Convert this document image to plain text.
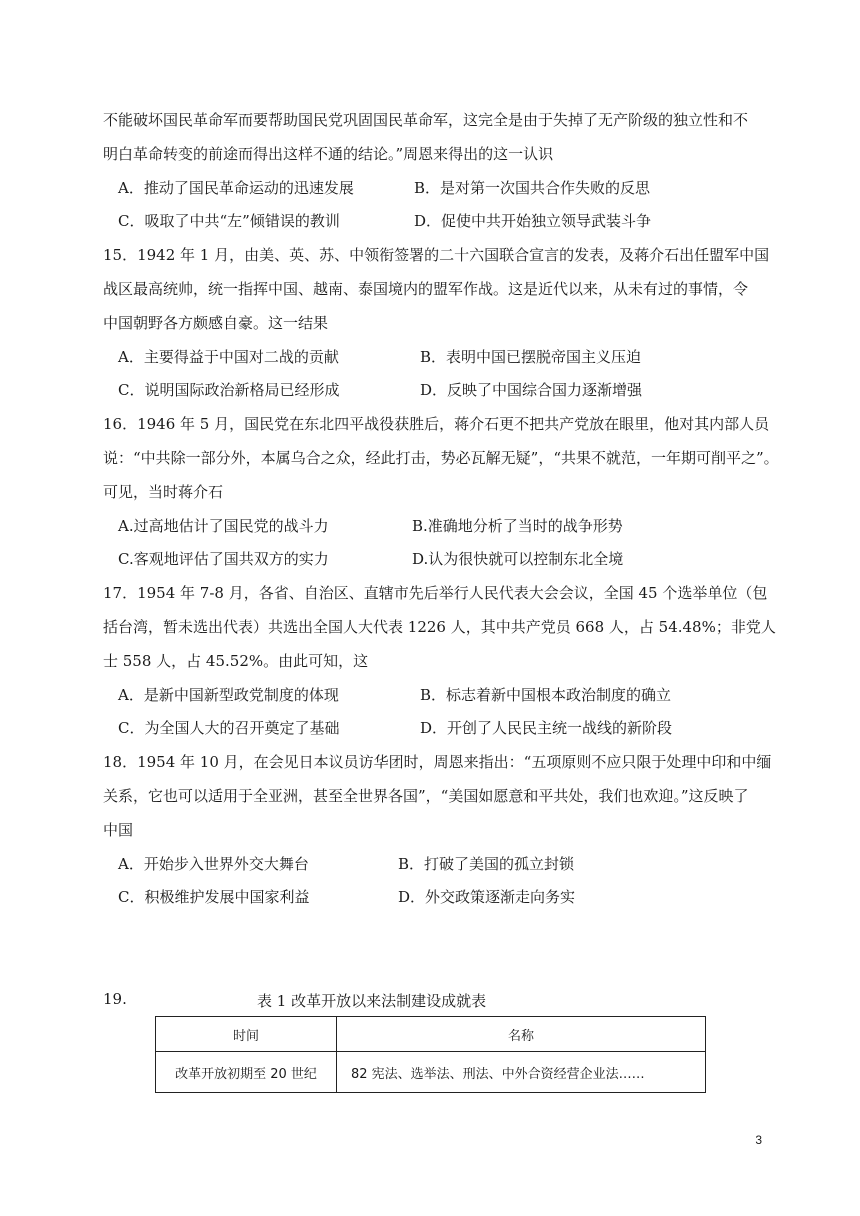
不能破坏国民革命军而要帮助国民党巩固国民革命军，这完全是由于失掉了无产阶级的独立性和不
明白革命转变的前途而得出这样不通的结论。”周恩来得出的这一认识
A．推动了国民革命运动的迅速发展	B．是对第一次国共合作失败的反思
C．吸取了中共“左”倾错误的教训	D．促使中共开始独立领导武装斗争
15．1942 年 1 月，由美、英、苏、中领衔签署的二十六国联合宣言的发表，及蒋介石出任盟军中国
战区最高统帅，统一指挥中国、越南、泰国境内的盟军作战。这是近代以来，从未有过的事情，令
中国朝野各方颇感自豪。这一结果
A．主要得益于中国对二战的贡献	B．表明中国已摆脱帝国主义压迫
C．说明国际政治新格局已经形成	D．反映了中国综合国力逐渐增强
16．1946 年 5 月，国民党在东北四平战役获胜后，蒋介石更不把共产党放在眼里，他对其内部人员
说：“中共除一部分外，本属乌合之众，经此打击，势必瓦解无疑”，“共果不就范，一年期可削平之”。
可见，当时蒋介石
A.过高地估计了国民党的战斗力	B.准确地分析了当时的战争形势
C.客观地评估了国共双方的实力	D.认为很快就可以控制东北全境
17．1954 年 7-8 月，各省、自治区、直辖市先后举行人民代表大会会议，全国 45 个选举单位（包
括台湾，暂未选出代表）共选出全国人大代表 1226 人，其中共产党员 668 人，占 54.48%；非党人
士 558 人，占 45.52%。由此可知，这
A．是新中国新型政党制度的体现	B．标志着新中国根本政治制度的确立
C．为全国人大的召开奠定了基础	D．开创了人民民主统一战线的新阶段
18．1954 年 10 月，在会见日本议员访华团时，周恩来指出：“五项原则不应只限于处理中印和中缅
关系，它也可以适用于全亚洲，甚至全世界各国”，“美国如愿意和平共处，我们也欢迎。”这反映了
中国
A．开始步入世界外交大舞台	B．打破了美国的孤立封锁
C．积极维护发展中国家利益	D．外交政策逐渐走向务实
19.	表 1 改革开放以来法制建设成就表
时间	名称
改革开放初期至 20 世纪	82 宪法、选举法、刑法、中外合资经营企业法……
3
